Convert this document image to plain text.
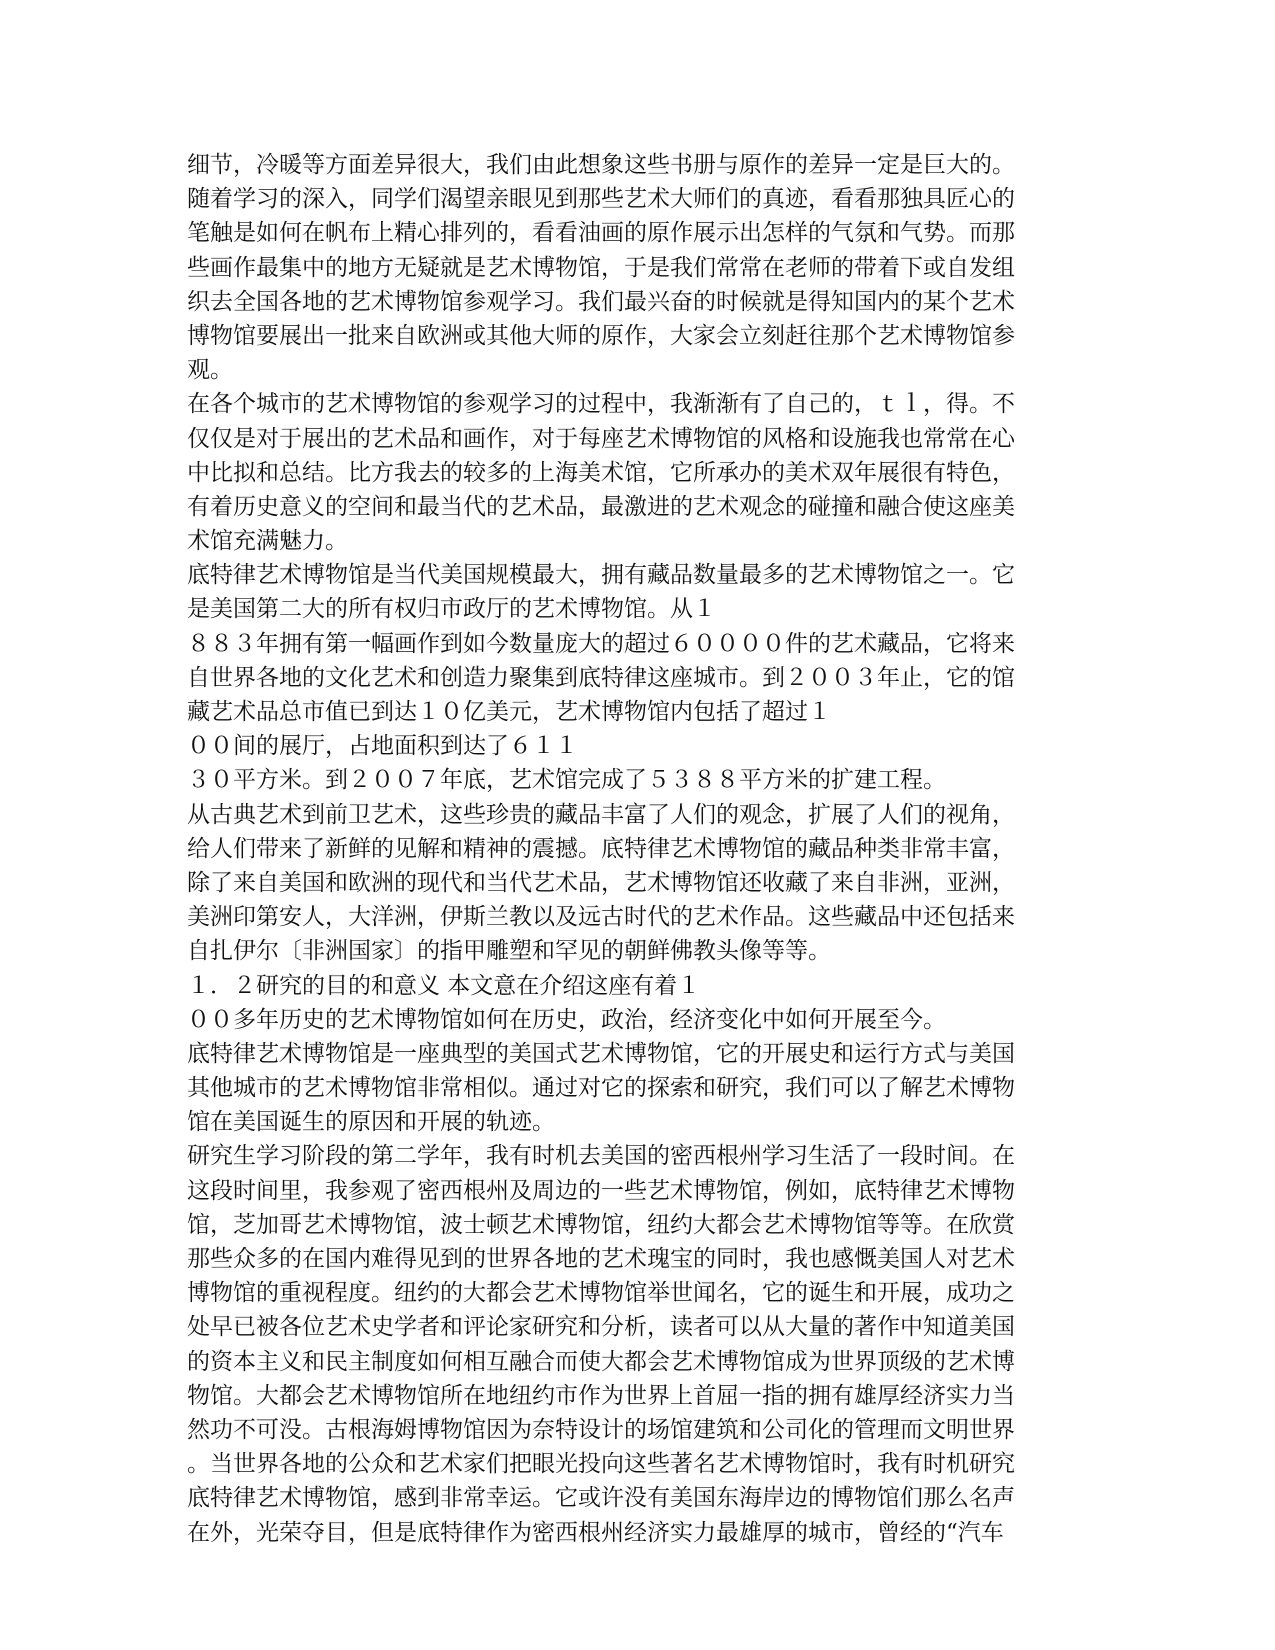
细节，冷暖等方面差异很大，我们由此想象这些书册与原作的差异一定是巨大的。
随着学习的深入，同学们渴望亲眼见到那些艺术大师们的真迹，看看那独具匠心的
笔触是如何在帆布上精心排列的，看看油画的原作展示出怎样的气氛和气势。而那
些画作最集中的地方无疑就是艺术博物馆，于是我们常常在老师的带着下或自发组
织去全国各地的艺术博物馆参观学习。我们最兴奋的时候就是得知国内的某个艺术
博物馆要展出一批来自欧洲或其他大师的原作，大家会立刻赶往那个艺术博物馆参
观。
在各个城市的艺术博物馆的参观学习的过程中，我渐渐有了自己的，ｔｌ，得。不
仅仅是对于展出的艺术品和画作，对于每座艺术博物馆的风格和设施我也常常在心
中比拟和总结。比方我去的较多的上海美术馆，它所承办的美术双年展很有特色，
有着历史意义的空间和最当代的艺术品，最激进的艺术观念的碰撞和融合使这座美
术馆充满魅力。
底特律艺术博物馆是当代美国规模最大，拥有藏品数量最多的艺术博物馆之一。它
是美国第二大的所有权归市政厅的艺术博物馆。从１
８８３年拥有第一幅画作到如今数量庞大的超过６００００件的艺术藏品，它将来
自世界各地的文化艺术和创造力聚集到底特律这座城市。到２００３年止，它的馆
藏艺术品总市值已到达１０亿美元，艺术博物馆内包括了超过１
００间的展厅，占地面积到达了６１１
３０平方米。到２００７年底，艺术馆完成了５３８８平方米的扩建工程。
从古典艺术到前卫艺术，这些珍贵的藏品丰富了人们的观念，扩展了人们的视角，
给人们带来了新鲜的见解和精神的震撼。底特律艺术博物馆的藏品种类非常丰富，
除了来自美国和欧洲的现代和当代艺术品，艺术博物馆还收藏了来自非洲，亚洲，
美洲印第安人，大洋洲，伊斯兰教以及远古时代的艺术作品。这些藏品中还包括来
自扎伊尔〔非洲国家〕的指甲雕塑和罕见的朝鲜佛教头像等等。
１．２研究的目的和意义 本文意在介绍这座有着１
００多年历史的艺术博物馆如何在历史，政治，经济变化中如何开展至今。
底特律艺术博物馆是一座典型的美国式艺术博物馆，它的开展史和运行方式与美国
其他城市的艺术博物馆非常相似。通过对它的探索和研究，我们可以了解艺术博物
馆在美国诞生的原因和开展的轨迹。
研究生学习阶段的第二学年，我有时机去美国的密西根州学习生活了一段时间。在
这段时间里，我参观了密西根州及周边的一些艺术博物馆，例如，底特律艺术博物
馆，芝加哥艺术博物馆，波士顿艺术博物馆，纽约大都会艺术博物馆等等。在欣赏
那些众多的在国内难得见到的世界各地的艺术瑰宝的同时，我也感慨美国人对艺术
博物馆的重视程度。纽约的大都会艺术博物馆举世闻名，它的诞生和开展，成功之
处早已被各位艺术史学者和评论家研究和分析，读者可以从大量的著作中知道美国
的资本主义和民主制度如何相互融合而使大都会艺术博物馆成为世界顶级的艺术博
物馆。大都会艺术博物馆所在地纽约市作为世界上首屈一指的拥有雄厚经济实力当
然功不可没。古根海姆博物馆因为奈特设计的场馆建筑和公司化的管理而文明世界
。当世界各地的公众和艺术家们把眼光投向这些著名艺术博物馆时，我有时机研究
底特律艺术博物馆，感到非常幸运。它或许没有美国东海岸边的博物馆们那么名声
在外，光荣夺目，但是底特律作为密西根州经济实力最雄厚的城市，曾经的“汽车
